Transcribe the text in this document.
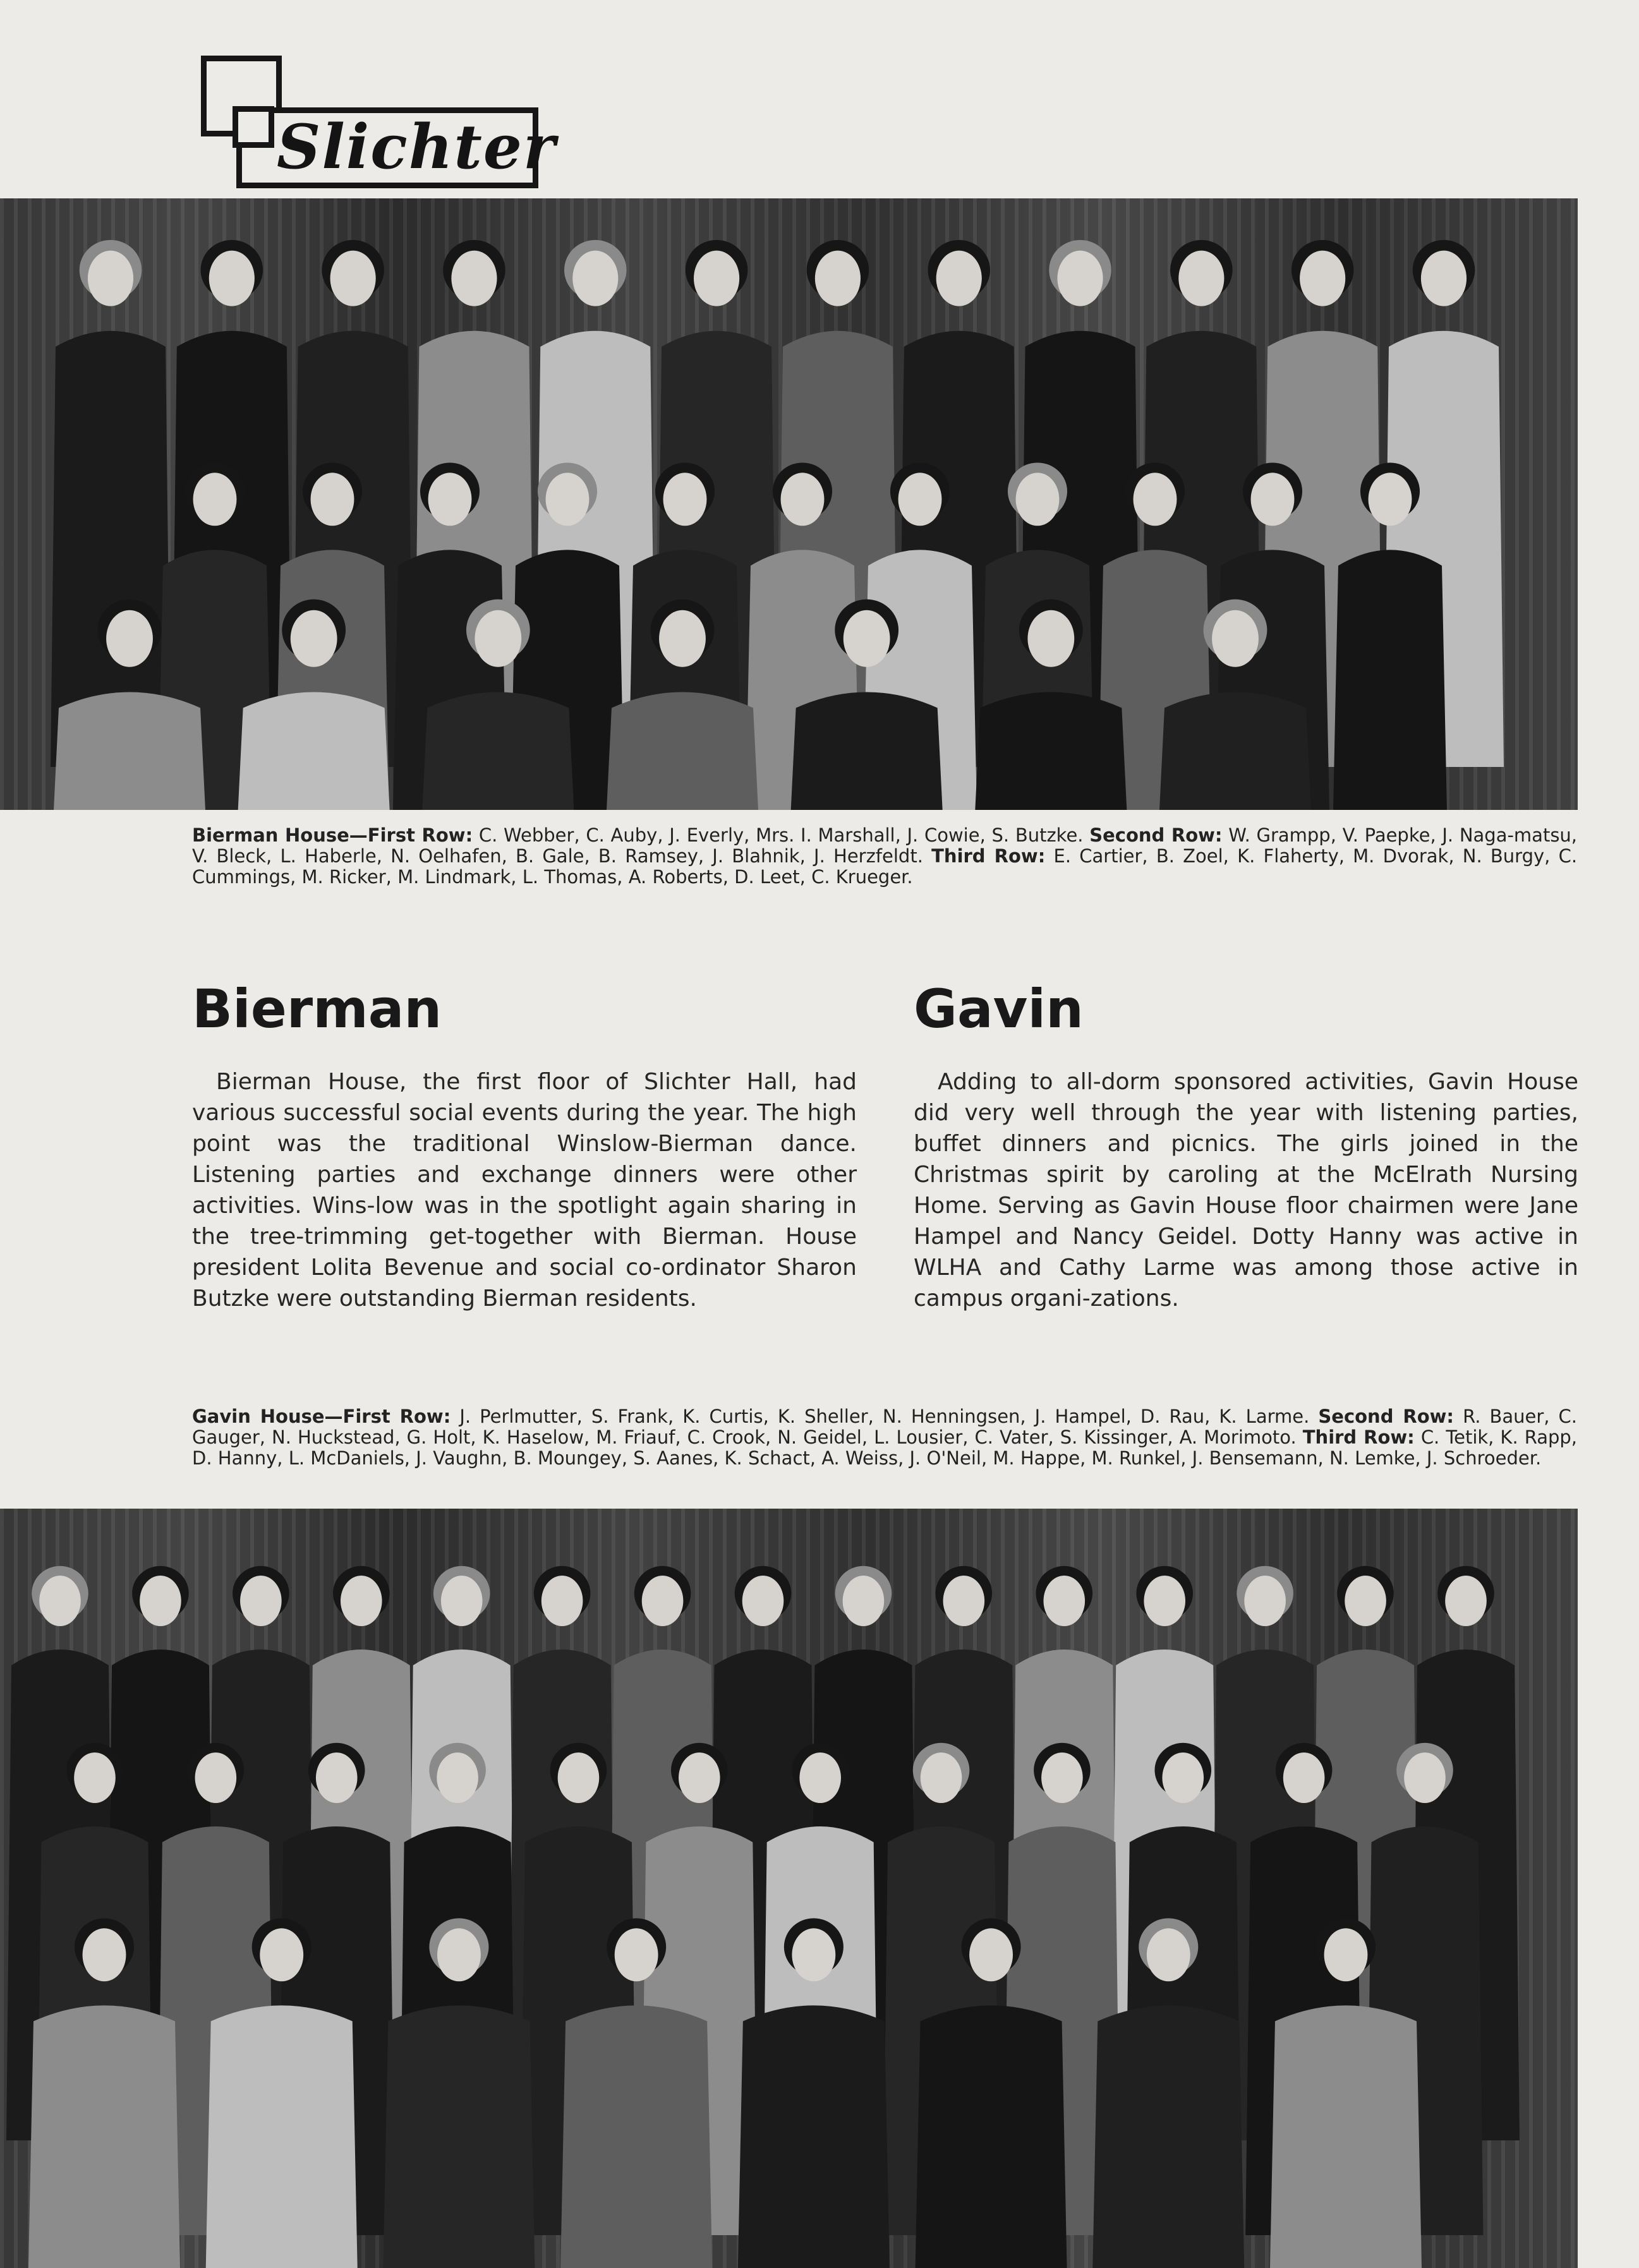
Slichter
Bierman House—First Row: C. Webber, C. Auby, J. Everly, Mrs. I. Marshall, J. Cowie, S. Butzke. Second Row: W. Grampp, V. Paepke, J. Naga-matsu, V. Bleck, L. Haberle, N. Oelhafen, B. Gale, B. Ramsey, J. Blahnik, J. Herzfeldt. Third Row: E. Cartier, B. Zoel, K. Flaherty, M. Dvorak, N. Burgy, C. Cummings, M. Ricker, M. Lindmark, L. Thomas, A. Roberts, D. Leet, C. Krueger.
Bierman	Gavin
Bierman House, the first floor of Slichter Hall, had various successful social events during the year. The high point was the traditional Winslow-Bierman dance. Listening parties and exchange dinners were other activities. Wins-low was in the spotlight again sharing in the tree-trimming get-together with Bierman. House president Lolita Bevenue and social co-ordinator Sharon Butzke were outstanding Bierman residents.
Adding to all-dorm sponsored activities, Gavin House did very well through the year with listening parties, buffet dinners and picnics. The girls joined in the Christmas spirit by caroling at the McElrath Nursing Home. Serving as Gavin House floor chairmen were Jane Hampel and Nancy Geidel. Dotty Hanny was active in WLHA and Cathy Larme was among those active in campus organi-zations.
Gavin House—First Row: J. Perlmutter, S. Frank, K. Curtis, K. Sheller, N. Henningsen, J. Hampel, D. Rau, K. Larme. Second Row: R. Bauer, C. Gauger, N. Huckstead, G. Holt, K. Haselow, M. Friauf, C. Crook, N. Geidel, L. Lousier, C. Vater, S. Kissinger, A. Morimoto. Third Row: C. Tetik, K. Rapp, D. Hanny, L. McDaniels, J. Vaughn, B. Moungey, S. Aanes, K. Schact, A. Weiss, J. O'Neil, M. Happe, M. Runkel, J. Bensemann, N. Lemke, J. Schroeder.
